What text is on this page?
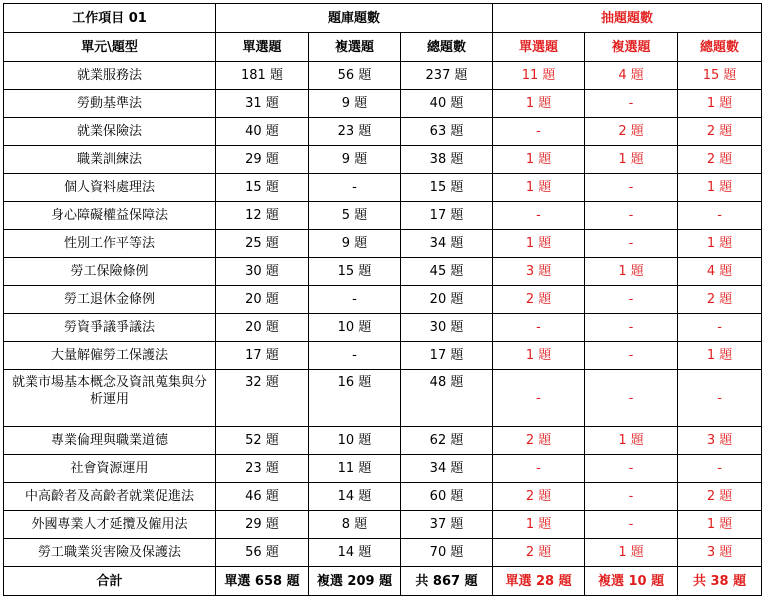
工作項目 01	題庫題數			抽題題數		
單元\題型	單選題	複選題	總題數	單選題	複選題	總題數
就業服務法	181 題	56 題	237 題	11 題	4 題	15 題
勞動基準法	31 題	9 題	40 題	1 題	-	1 題
就業保險法	40 題	23 題	63 題	-	2 題	2 題
職業訓練法	29 題	9 題	38 題	1 題	1 題	2 題
個人資料處理法	15 題	-	15 題	1 題	-	1 題
身心障礙權益保障法	12 題	5 題	17 題	-	-	-
性別工作平等法	25 題	9 題	34 題	1 題	-	1 題
勞工保險條例	30 題	15 題	45 題	3 題	1 題	4 題
勞工退休金條例	20 題	-	20 題	2 題	-	2 題
勞資爭議爭議法	20 題	10 題	30 題	-	-	-
大量解僱勞工保護法	17 題	-	17 題	1 題	-	1 題
就業市場基本概念及資訊蒐集與分析運用	32 題	16 題	48 題	-	-	-
專業倫理與職業道德	52 題	10 題	62 題	2 題	1 題	3 題
社會資源運用	23 題	11 題	34 題	-	-	-
中高齡者及高齡者就業促進法	46 題	14 題	60 題	2 題	-	2 題
外國專業人才延攬及僱用法	29 題	8 題	37 題	1 題	-	1 題
勞工職業災害險及保護法	56 題	14 題	70 題	2 題	1 題	3 題
合計	單選 658 題	複選 209 題	共 867 題	單選 28 題	複選 10 題	共 38 題
